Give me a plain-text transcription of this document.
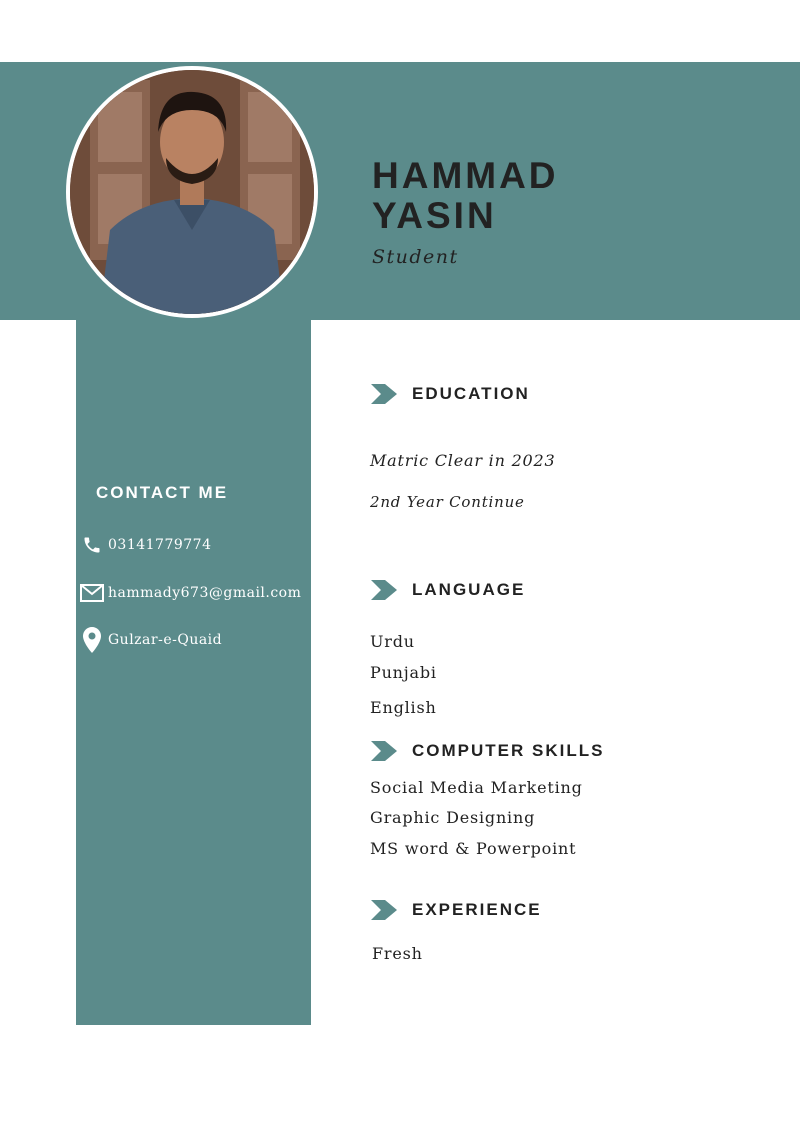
HAMMAD
YASIN
Student
CONTACT ME
03141779774
hammady673@gmail.com
Gulzar-e-Quaid
EDUCATION
Matric Clear in 2023
2nd Year Continue
LANGUAGE
Urdu
Punjabi
English
COMPUTER SKILLS
Social Media Marketing
Graphic Designing
MS word & Powerpoint
EXPERIENCE
Fresh
